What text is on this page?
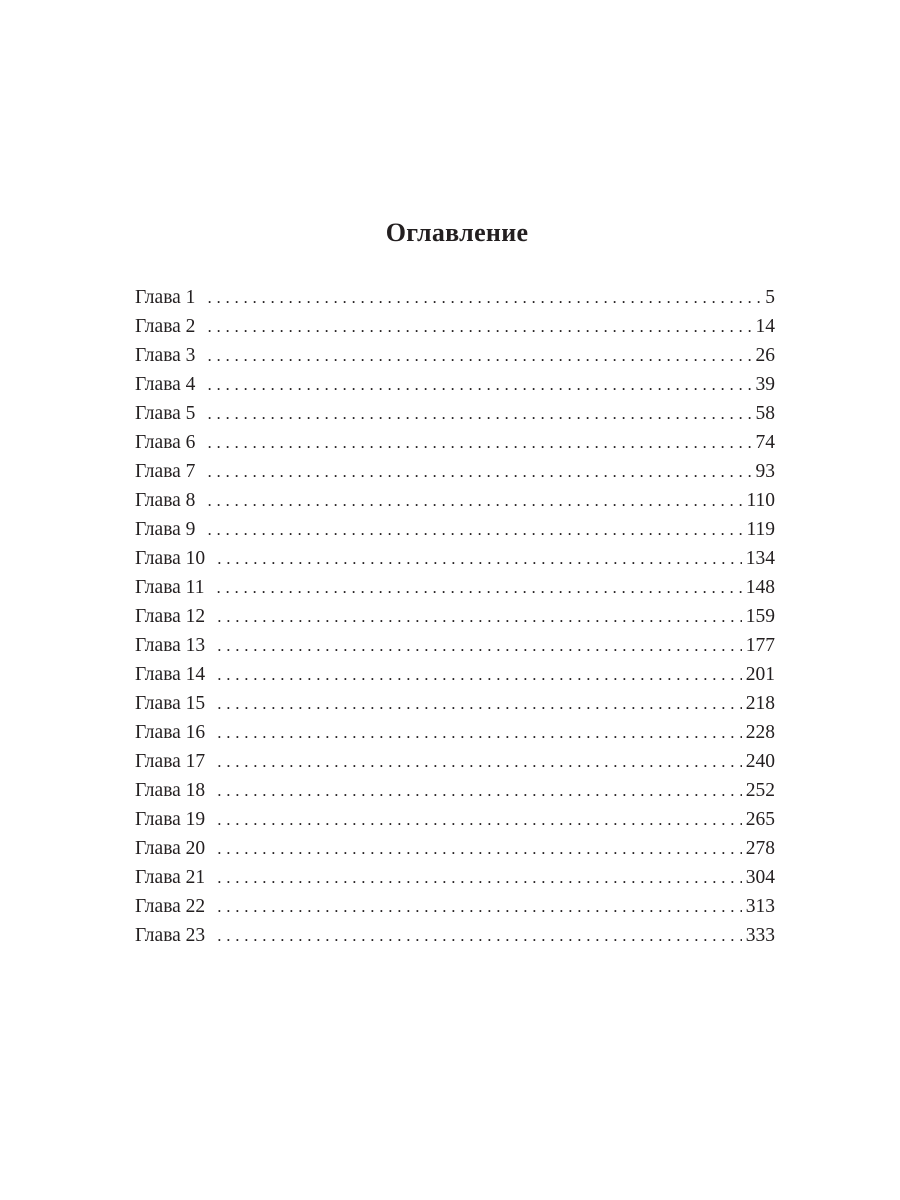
Оглавление
Глава 1 . . .	5
Глава 2 . . .	14
Глава 3 . . .	26
Глава 4 . . .	39
Глава 5 . . .	58
Глава 6 . . .	74
Глава 7 . . .	93
Глава 8 . . .	110
Глава 9 . . .	119
Глава 10 . . .	134
Глава 11 . . .	148
Глава 12 . . .	159
Глава 13 . . .	177
Глава 14 . . .	201
Глава 15 . . .	218
Глава 16 . . .	228
Глава 17 . . .	240
Глава 18 . . .	252
Глава 19 . . .	265
Глава 20 . . .	278
Глава 21 . . .	304
Глава 22 . . .	313
Глава 23 . . .	333
